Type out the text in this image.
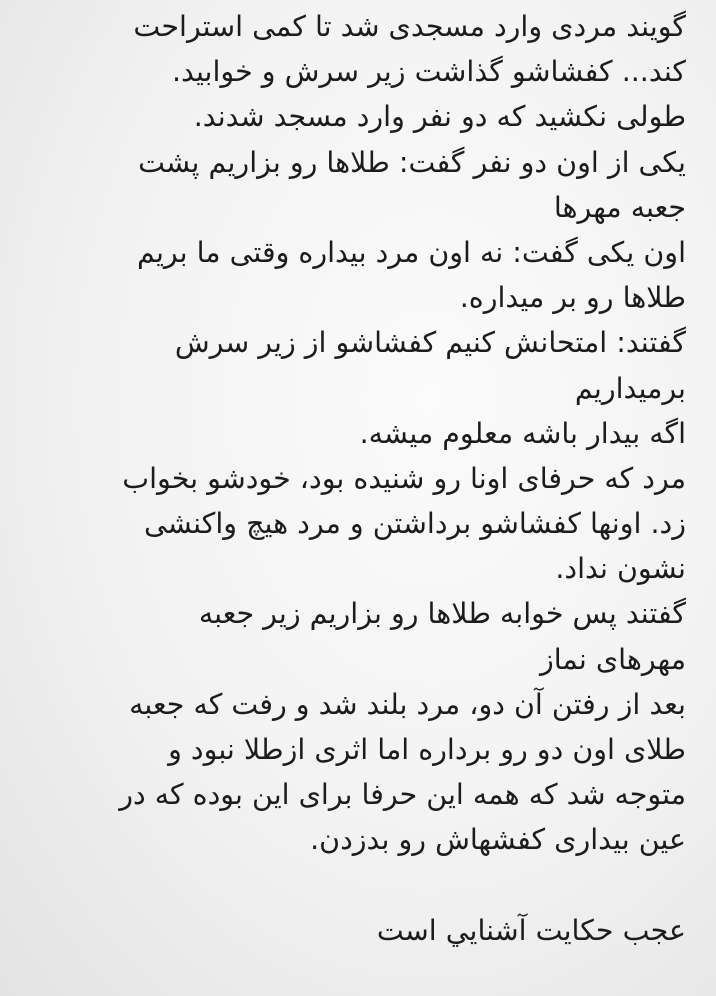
گویند مردی وارد مسجدی شد تا کمی استراحت
کند... کفشاشو گذاشت زیر سرش و خوابید.
طولی نکشید که دو نفر وارد مسجد شدند.
یکی از اون دو نفر گفت: طلاها رو بزاریم پشت
جعبه مهرها
اون یکی گفت: نه اون مرد بیداره وقتی ما بریم
طلاها رو بر میداره.
گفتند: امتحانش کنیم کفشاشو از زیر سرش
برمیداریم
اگه بیدار باشه معلوم میشه.
مرد که حرفای اونا رو شنیده بود، خودشو بخواب
زد. اونها کفشاشو برداشتن و مرد هیچ واکنشی
نشون نداد.
گفتند پس خوابه طلاها رو بزاریم زیر جعبه
مهرهای نماز
بعد از رفتن آن دو، مرد بلند شد و رفت که جعبه
طلای اون دو رو برداره اما اثری ازطلا نبود و
متوجه شد که همه این حرفا برای این بوده که در
عین بیداری کفشهاش رو بدزدن.
عجب حکایت آشنایي است
